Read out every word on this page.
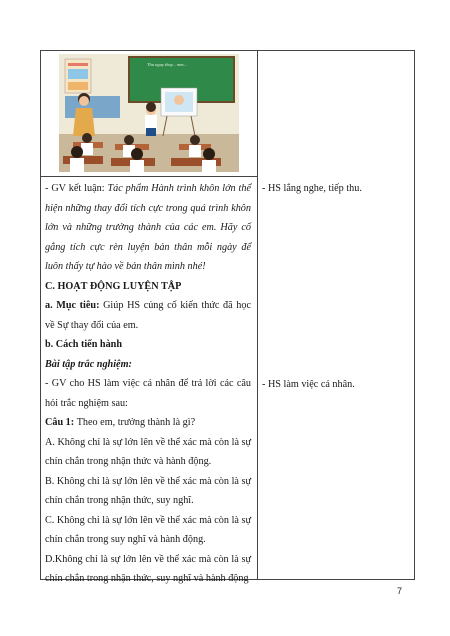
Thu nguy thay... mm...

- GV kết luận: Tác phẩm Hành trình khôn lớn thể hiện những thay đổi tích cực trong quá trình khôn lớn và những trưởng thành của các em. Hãy cố gắng tích cực rèn luyện bản thân mỗi ngày để luôn thấy tự hào về bản thân mình nhé!

C. HOẠT ĐỘNG LUYỆN TẬP

a. Mục tiêu: Giúp HS củng cố kiến thức đã học về Sự thay đổi của em.

b. Cách tiến hành

Bài tập trắc nghiệm:

- GV cho HS làm việc cá nhân để trả lời các câu hỏi trắc nghiệm sau:

Câu 1: Theo em, trưởng thành là gì?

A. Không chỉ là sự lớn lên về thể xác mà còn là sự chín chắn trong nhận thức và hành động.

B. Không chỉ là sự lớn lên về thể xác mà còn là sự chín chắn trong nhận thức, suy nghĩ.

C. Không chỉ là sự lớn lên về thể xác mà còn là sự chín chắn trong suy nghĩ và hành động.

D.Không chỉ là sự lớn lên về thể xác mà còn là sự chín chắn trong nhận thức, suy nghĩ và hành động

- HS lắng nghe, tiếp thu.

- HS làm việc cá nhân.

7
